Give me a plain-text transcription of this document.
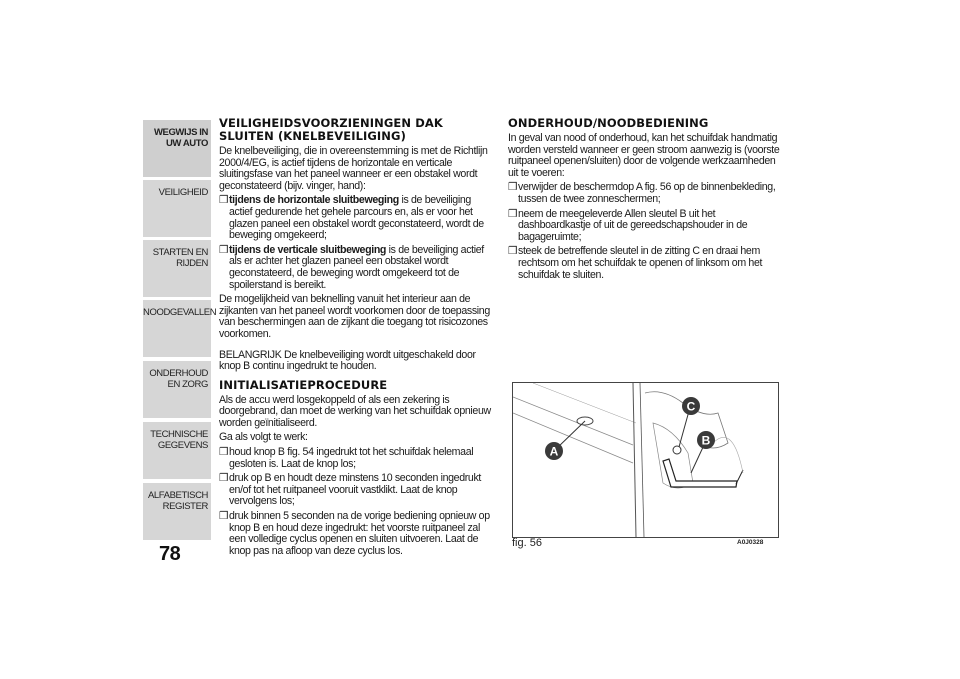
WEGWIJS IN UW AUTO
VEILIGHEID
STARTEN EN RIJDEN
NOODGEVALLEN
ONDERHOUD EN ZORG
TECHNISCHE GEGEVENS
ALFABETISCH REGISTER
78
VEILIGHEIDSVOORZIENINGEN DAK SLUITEN (KNELBEVEILIGING)

De knelbeveiliging, die in overeenstemming is met de Richtlijn 2000/4/EG, is actief tijdens de horizontale en verticale sluitingsfase van het paneel wanneer er een obstakel wordt geconstateerd (bijv. vinger, hand):

❒ tijdens de horizontale sluitbeweging is de beveiliging actief gedurende het gehele parcours en, als er voor het glazen paneel een obstakel wordt geconstateerd, wordt de beweging omgekeerd;
❒ tijdens de verticale sluitbeweging is de beveiliging actief als er achter het glazen paneel een obstakel wordt geconstateerd, de beweging wordt omgekeerd tot de spoilerstand is bereikt.

De mogelijkheid van beknelling vanuit het interieur aan de zijkanten van het paneel wordt voorkomen door de toepassing van beschermingen aan de zijkant die toegang tot risicozones voorkomen.

BELANGRIJK De knelbeveiliging wordt uitgeschakeld door knop B continu ingedrukt te houden.

INITIALISATIEPROCEDURE

Als de accu werd losgekoppeld of als een zekering is doorgebrand, dan moet de werking van het schuifdak opnieuw worden geïnitialiseerd.

Ga als volgt te werk:

❒ houd knop B fig. 54 ingedrukt tot het schuifdak helemaal gesloten is. Laat de knop los;
❒ druk op B en houdt deze minstens 10 seconden ingedrukt en/of tot het ruitpaneel vooruit vastklikt. Laat de knop vervolgens los;
❒ druk binnen 5 seconden na de vorige bediening opnieuw op knop B en houd deze ingedrukt: het voorste ruitpaneel zal een volledige cyclus openen en sluiten uitvoeren. Laat de knop pas na afloop van deze cyclus los.
ONDERHOUD/NOODBEDIENING

In geval van nood of onderhoud, kan het schuifdak handmatig worden versteld wanneer er geen stroom aanwezig is (voorste ruitpaneel openen/sluiten) door de volgende werkzaamheden uit te voeren:

❒ verwijder de beschermdop A fig. 56 op de binnenbekleding, tussen de twee zonneschermen;
❒ neem de meegeleverde Allen sleutel B uit het dashboardkastje of uit de gereedschapshouder in de bagageruimte;
❒ steek de betreffende sleutel in de zitting C en draai hem rechtsom om het schuifdak te openen of linksom om het schuifdak te sluiten.
A
C
B
fig. 56	A0J0328
